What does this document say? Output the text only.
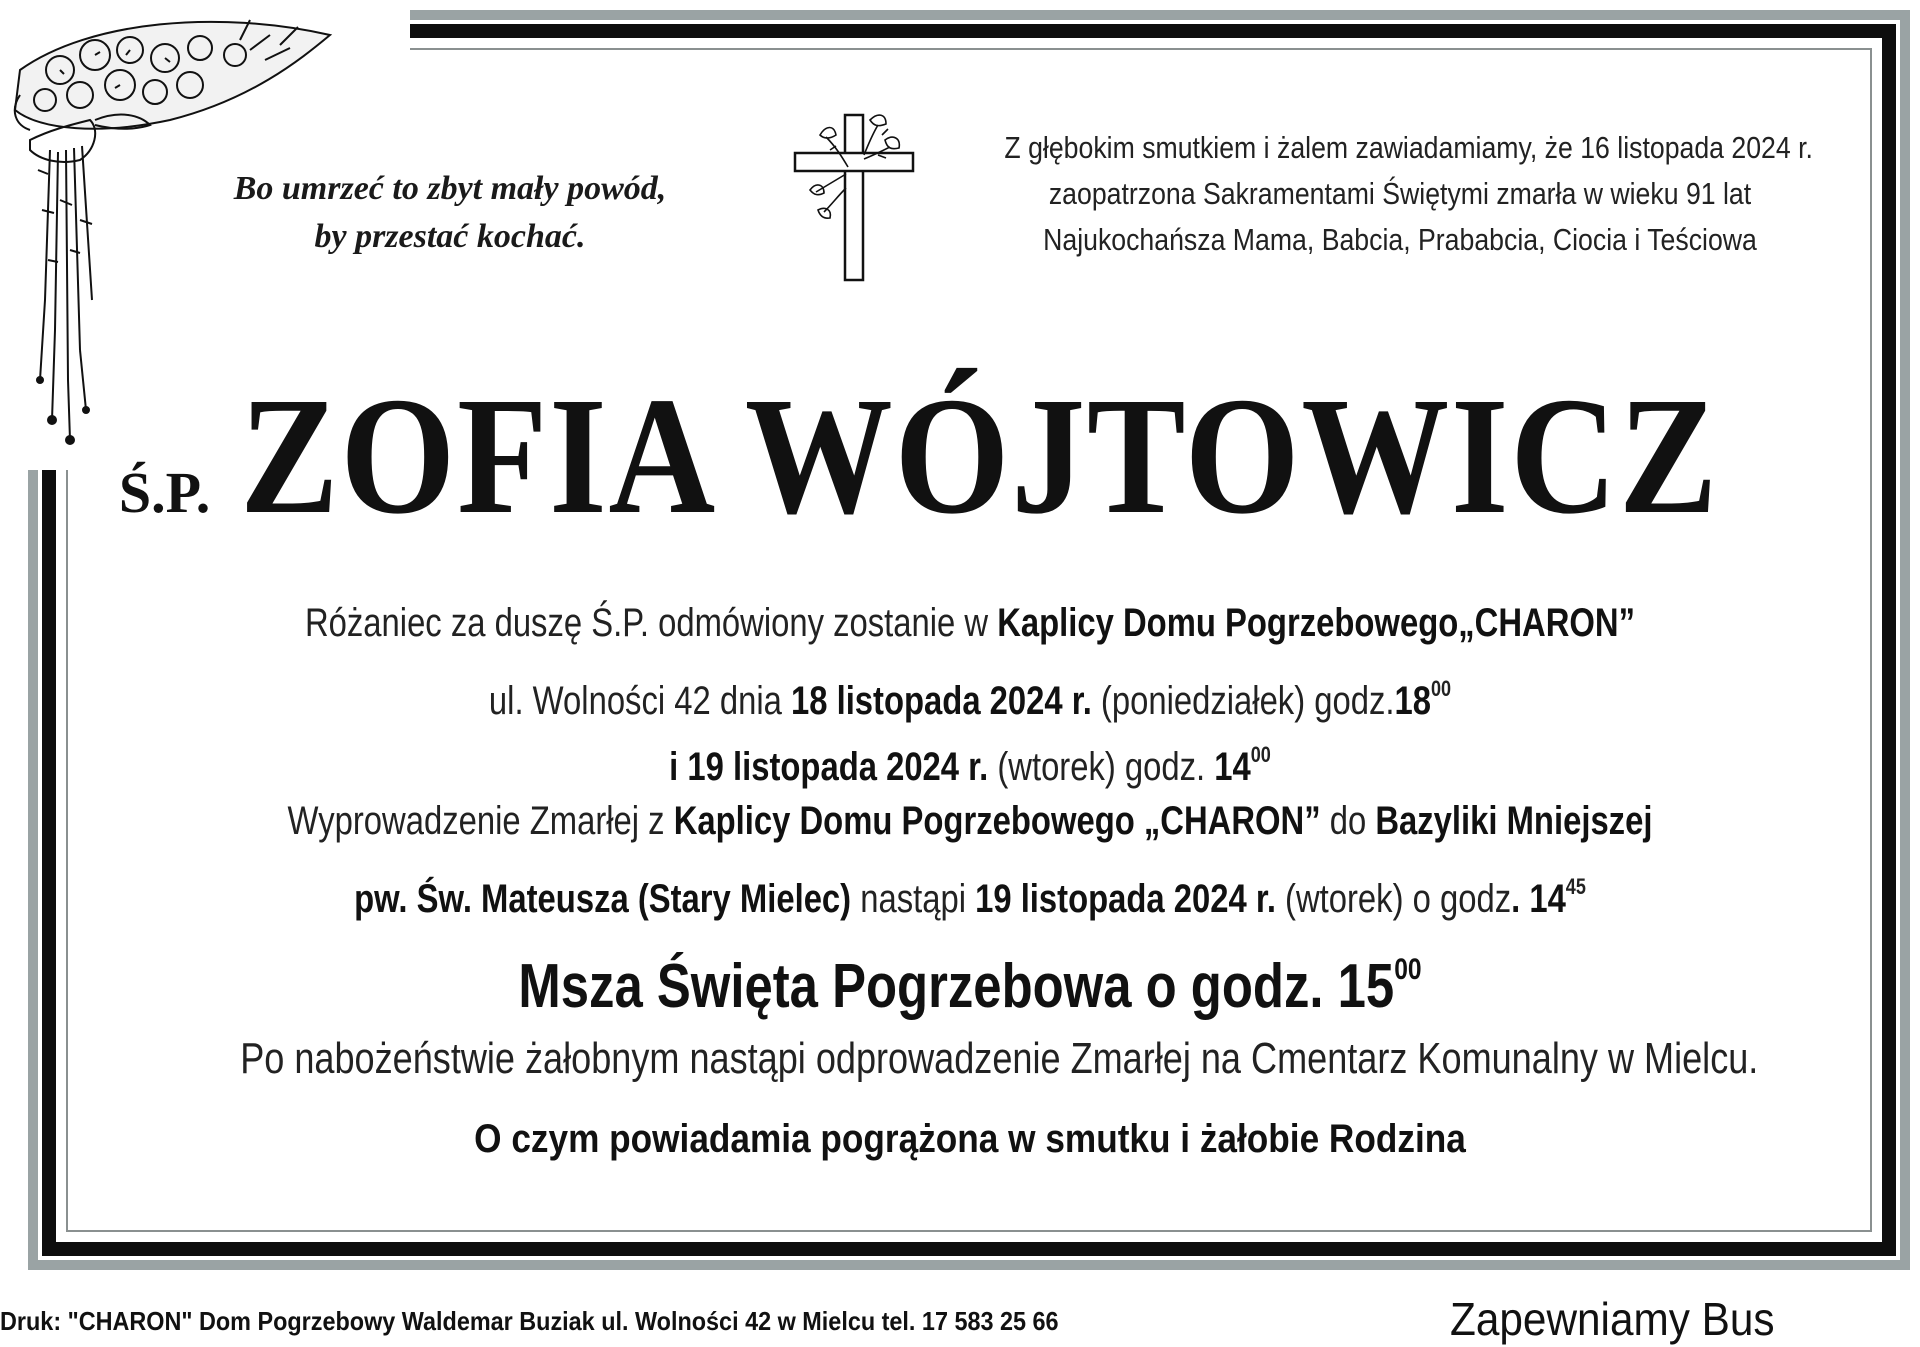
Bo umrzeć to zbyt mały powód,
by przestać kochać.
Z głębokim smutkiem i żalem zawiadamiamy, że 16 listopada 2024 r.
zaopatrzona Sakramentami Świętymi zmarła w wieku 91 lat
Najukochańsza Mama, Babcia, Prababcia, Ciocia i Teściowa
Ś.P. ZOFIA WÓJTOWICZ
Różaniec za duszę Ś.P. odmówiony zostanie w Kaplicy Domu Pogrzebowego„CHARON”
ul. Wolności 42 dnia 18 listopada 2024 r. (poniedziałek) $godz.18^{00}$
i 19 listopada 2024 r. (wtorek) godz. $14^{00}$
Wyprowadzenie Zmarłej z Kaplicy Domu Pogrzebowego „CHARON” do Bazyliki Mniejszej
pw. Św. Mateusza (Stary Mielec) nastąpi 19 listopada 2024 r. (wtorek) o godz. $14^{45}$
Msza Święta Pogrzebowa o godz. $15^{00}$
Po nabożeństwie żałobnym nastąpi odprowadzenie Zmarłej na Cmentarz Komunalny w Mielcu.
O czym powiadamia pogrążona w smutku i żałobie Rodzina
Druk: "CHARON" Dom Pogrzebowy Waldemar Buziak ul. Wolności 42 w Mielcu tel. 17 583 25 66	Zapewniamy Bus
